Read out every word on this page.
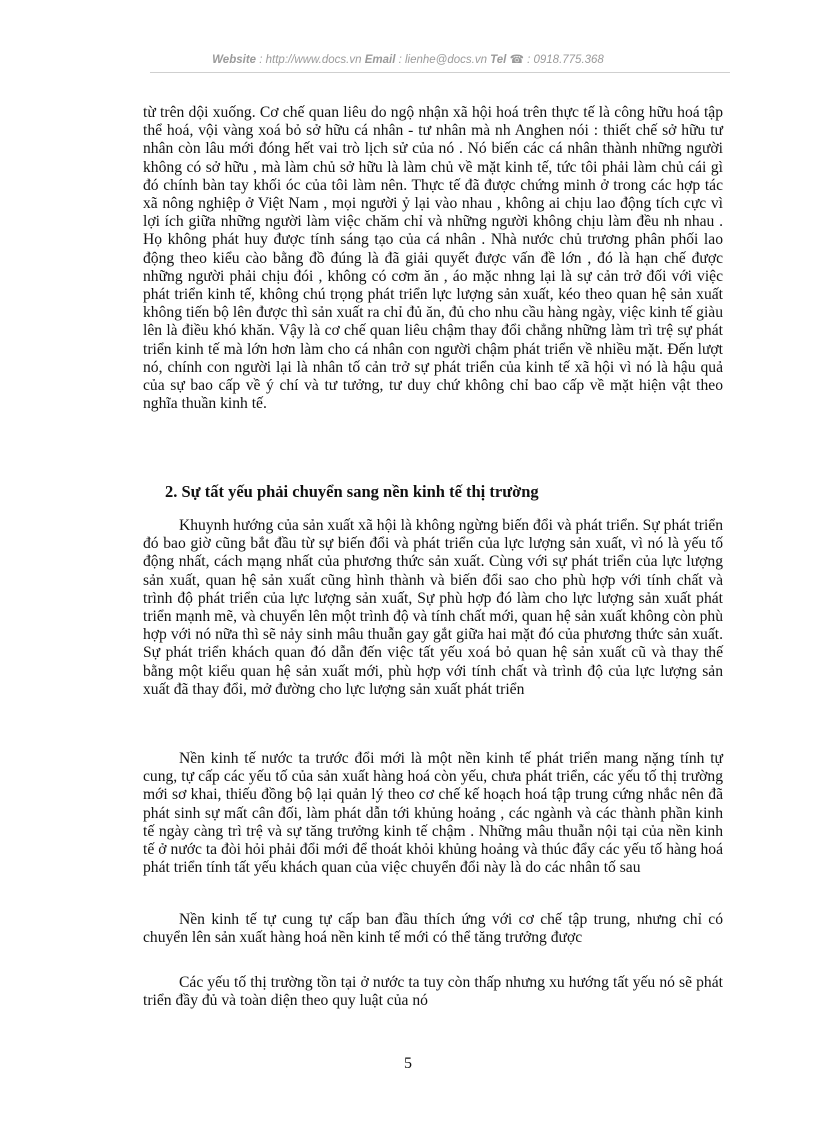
Website : http://www.docs.vn Email : lienhe@docs.vn Tel ☎ : 0918.775.368

từ trên dội xuống. Cơ chế quan liêu do ngộ nhận xã hội hoá trên thực tế là công hữu hoá tập thể hoá, vội vàng xoá bỏ sở hữu cá nhân - tư nhân mà nh Anghen nói : thiết chế sở hữu tư nhân còn lâu mới đóng hết vai trò lịch sử của nó . Nó biến các cá nhân thành những người không có sở hữu , mà làm chủ sở hữu là làm chủ về mặt kinh tế, tức tôi phải làm chủ cái gì đó chính bàn tay khối óc của tôi làm nên. Thực tế đã được chứng minh ở trong các hợp tác xã nông nghiệp ở Việt Nam , mọi người ỷ lại vào nhau , không ai chịu lao động tích cực vì lợi ích giữa những người làm việc chăm chỉ và những người không chịu làm đều nh nhau . Họ không phát huy được tính sáng tạo của cá nhân . Nhà nước chủ trương phân phối lao động theo kiểu cào bằng đồ đúng là đã giải quyết được vấn đề lớn , đó là hạn chế được những người phải chịu đói , không có cơm ăn , áo mặc nhng lại là sự cản trở đối với việc phát triển kinh tế, không chú trọng phát triển lực lượng sản xuất, kéo theo quan hệ sản xuất không tiến bộ lên được thì sản xuất ra chỉ đủ ăn, đủ cho nhu cầu hàng ngày, việc kinh tế giàu lên là điều khó khăn. Vậy là cơ chế quan liêu chậm thay đổi chẳng những làm trì trệ sự phát triển kinh tế mà lớn hơn làm cho cá nhân con người chậm phát triển về nhiều mặt. Đến lượt nó, chính con người lại là nhân tố cản trở sự phát triển của kinh tế xã hội vì nó là hậu quả của sự bao cấp về ý chí và tư tưởng, tư duy chứ không chỉ bao cấp về mặt hiện vật theo nghĩa thuần kinh tế.

2. Sự tất yếu phải chuyển sang nền kinh tế thị trường

Khuynh hướng của sản xuất xã hội là không ngừng biến đổi và phát triển. Sự phát triển đó bao giờ cũng bắt đầu từ sự biến đổi và phát triển của lực lượng sản xuất, vì nó là yếu tố động nhất, cách mạng nhất của phương thức sản xuất. Cùng với sự phát triển của lực lượng sản xuất, quan hệ sản xuất cũng hình thành và biến đổi sao cho phù hợp với tính chất và trình độ phát triển của lực lượng sản xuất, Sự phù hợp đó làm cho lực lượng sản xuất phát triển mạnh mẽ, và chuyển lên một trình độ và tính chất mới, quan hệ sản xuất không còn phù hợp với nó nữa thì sẽ nảy sinh mâu thuẫn gay gắt giữa hai mặt đó của phương thức sản xuất. Sự phát triển khách quan đó dẫn đến việc tất yếu xoá bỏ quan hệ sản xuất cũ và thay thế bằng một kiểu quan hệ sản xuất mới, phù hợp với tính chất và trình độ của lực lượng sản xuất đã thay đổi, mở đường cho lực lượng sản xuất phát triển

Nền kinh tế nước ta trước đổi mới là một nền kinh tế phát triển mang nặng tính tự cung, tự cấp các yếu tố của sản xuất hàng hoá còn yếu, chưa phát triển, các yếu tố thị trường mới sơ khai, thiếu đồng bộ lại quản lý theo cơ chế kế hoạch hoá tập trung cứng nhắc nên đã phát sinh sự mất cân đối, làm phát dẫn tới khủng hoảng , các ngành và các thành phần kinh tế ngày càng trì trệ và sự tăng trưởng kinh tế chậm . Những mâu thuẫn nội tại của nền kinh tế ở nước ta đòi hỏi phải đổi mới để thoát khỏi khủng hoảng và thúc đẩy các yếu tố hàng hoá phát triển tính tất yếu khách quan của việc chuyển đổi này là do các nhân tố sau

Nền kinh tế tự cung tự cấp ban đầu thích ứng với cơ chế tập trung, nhưng chỉ có chuyển lên sản xuất hàng hoá nền kinh tế mới có thể tăng trưởng được

Các yếu tố thị trường tồn tại ở nước ta tuy còn thấp nhưng xu hướng tất yếu nó sẽ phát triển đầy đủ và toàn diện theo quy luật của nó

5
